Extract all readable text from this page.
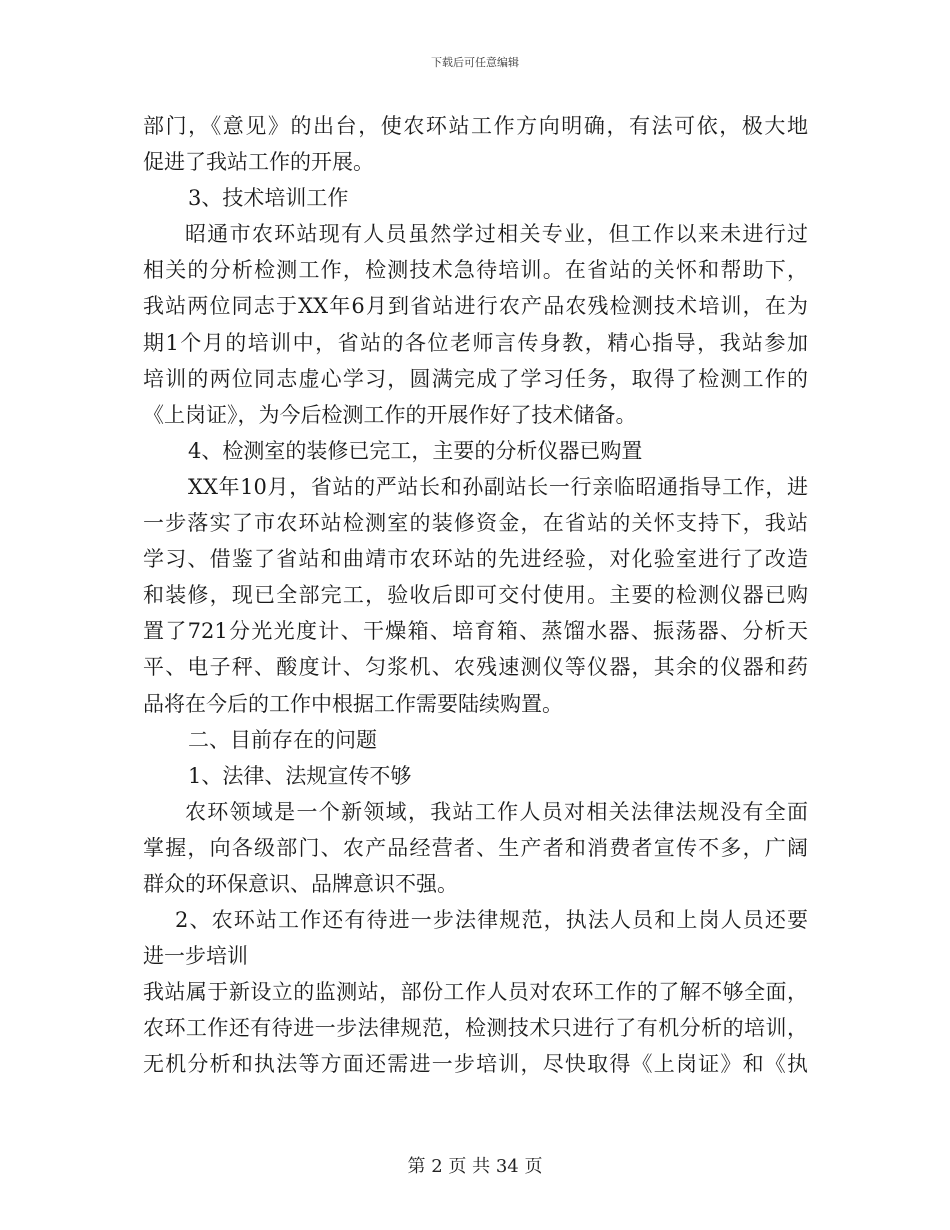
下载后可任意编辑
部门，《意见》的出台，使农环站工作方向明确，有法可依，极大地
促进了我站工作的开展。
3、技术培训工作
昭通市农环站现有人员虽然学过相关专业，但工作以来未进行过
相关的分析检测工作，检测技术急待培训。在省站的关怀和帮助下，
我站两位同志于XX年6月到省站进行农产品农残检测技术培训，在为
期1个月的培训中，省站的各位老师言传身教，精心指导，我站参加
培训的两位同志虚心学习，圆满完成了学习任务，取得了检测工作的
《上岗证》，为今后检测工作的开展作好了技术储备。
4、检测室的装修已完工，主要的分析仪器已购置
XX年10月，省站的严站长和孙副站长一行亲临昭通指导工作，进
一步落实了市农环站检测室的装修资金，在省站的关怀支持下，我站
学习、借鉴了省站和曲靖市农环站的先进经验，对化验室进行了改造
和装修，现已全部完工，验收后即可交付使用。主要的检测仪器已购
置了721分光光度计、干燥箱、培育箱、蒸馏水器、振荡器、分析天
平、电子秤、酸度计、匀浆机、农残速测仪等仪器，其余的仪器和药
品将在今后的工作中根据工作需要陆续购置。
二、目前存在的问题
1、法律、法规宣传不够
农环领域是一个新领域，我站工作人员对相关法律法规没有全面
掌握，向各级部门、农产品经营者、生产者和消费者宣传不多，广阔
群众的环保意识、品牌意识不强。
2、农环站工作还有待进一步法律规范，执法人员和上岗人员还要
进一步培训
我站属于新设立的监测站，部份工作人员对农环工作的了解不够全面，
农环工作还有待进一步法律规范，检测技术只进行了有机分析的培训，
无机分析和执法等方面还需进一步培训，尽快取得《上岗证》和《执
第 2 页 共 34 页
